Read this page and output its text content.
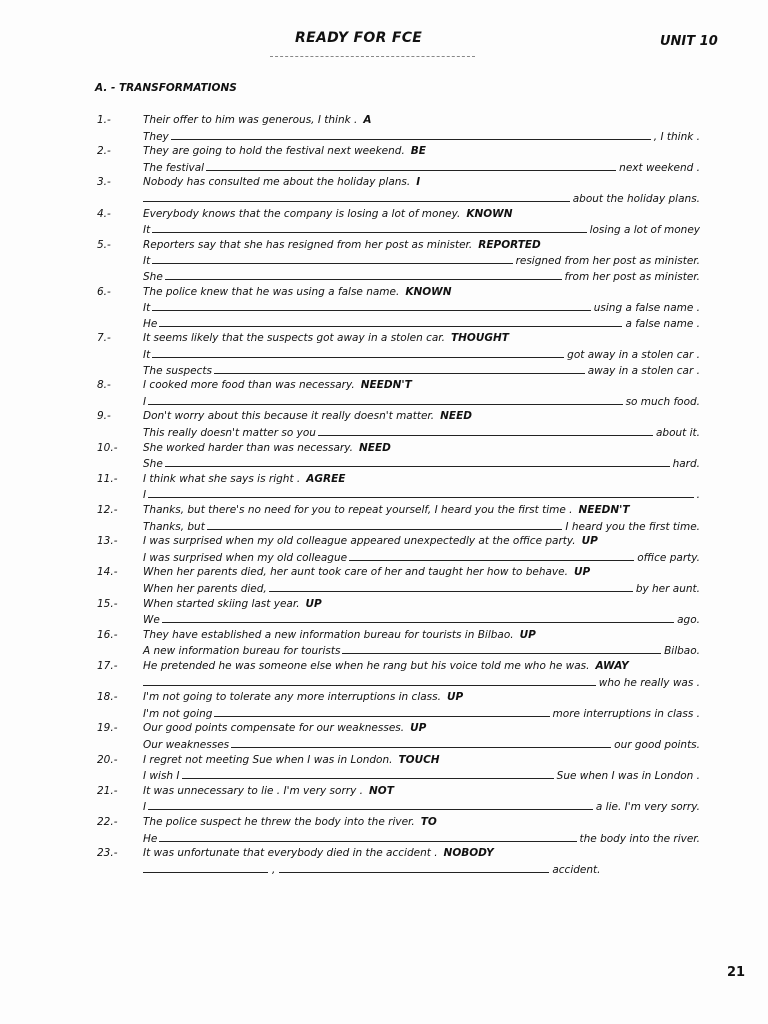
READY FOR FCE	UNIT 10
A. - TRANSFORMATIONS
1.-	Their offer to him was generous, I think . A
They	, I think .
2.-	They are going to hold the festival next weekend. BE
The festival	next weekend .
3.-	Nobody has consulted me about the holiday plans. I
about the holiday plans.
4.-	Everybody knows that the company is losing a lot of money. KNOWN
It	losing a lot of money
5.-	Reporters say that she has resigned from her post as minister. REPORTED
It	resigned from her post as minister.
She	from her post as minister.
6.-	The police knew that he was using a false name. KNOWN
It	using a false name .
He	a false name .
7.-	It seems likely that the suspects got away in a stolen car. THOUGHT
It	got away in a stolen car .
The suspects	away in a stolen car .
8.-	I cooked more food than was necessary. NEEDN'T
I	so much food.
9.-	Don't worry about this because it really doesn't matter. NEED
This really doesn't matter so you	about it.
10.- She worked harder than was necessary. NEED
She	hard.
11.- I think what she says is right . AGREE
I	.
12.- Thanks, but there's no need for you to repeat yourself, I heard you the first time . NEEDN'T
Thanks, but	I heard you the first time.
13.- I was surprised when my old colleague appeared unexpectedly at the office party. UP
I was surprised when my old colleague	office party.
14.- When her parents died, her aunt took care of her and taught her how to behave. UP
When her parents died,	by her aunt.
15.- When started skiing last year. UP
We	ago.
16.- They have established a new information bureau for tourists in Bilbao. UP
A new information bureau for tourists	Bilbao.
17.- He pretended he was someone else when he rang but his voice told me who he was. AWAY
who he really was .
18.- I'm not going to tolerate any more interruptions in class. UP
I'm not going	more interruptions in class .
19.- Our good points compensate for our weaknesses. UP
Our weaknesses	our good points.
20.- I regret not meeting Sue when I was in London. TOUCH
I wish I	Sue when I was in London .
21.- It was unnecessary to lie . I'm very sorry . NOT
I	a lie. I'm very sorry.
22.- The police suspect he threw the body into the river. TO
He	the body into the river.
23.- It was unfortunate that everybody died in the accident . NOBODY
,	accident.
21
